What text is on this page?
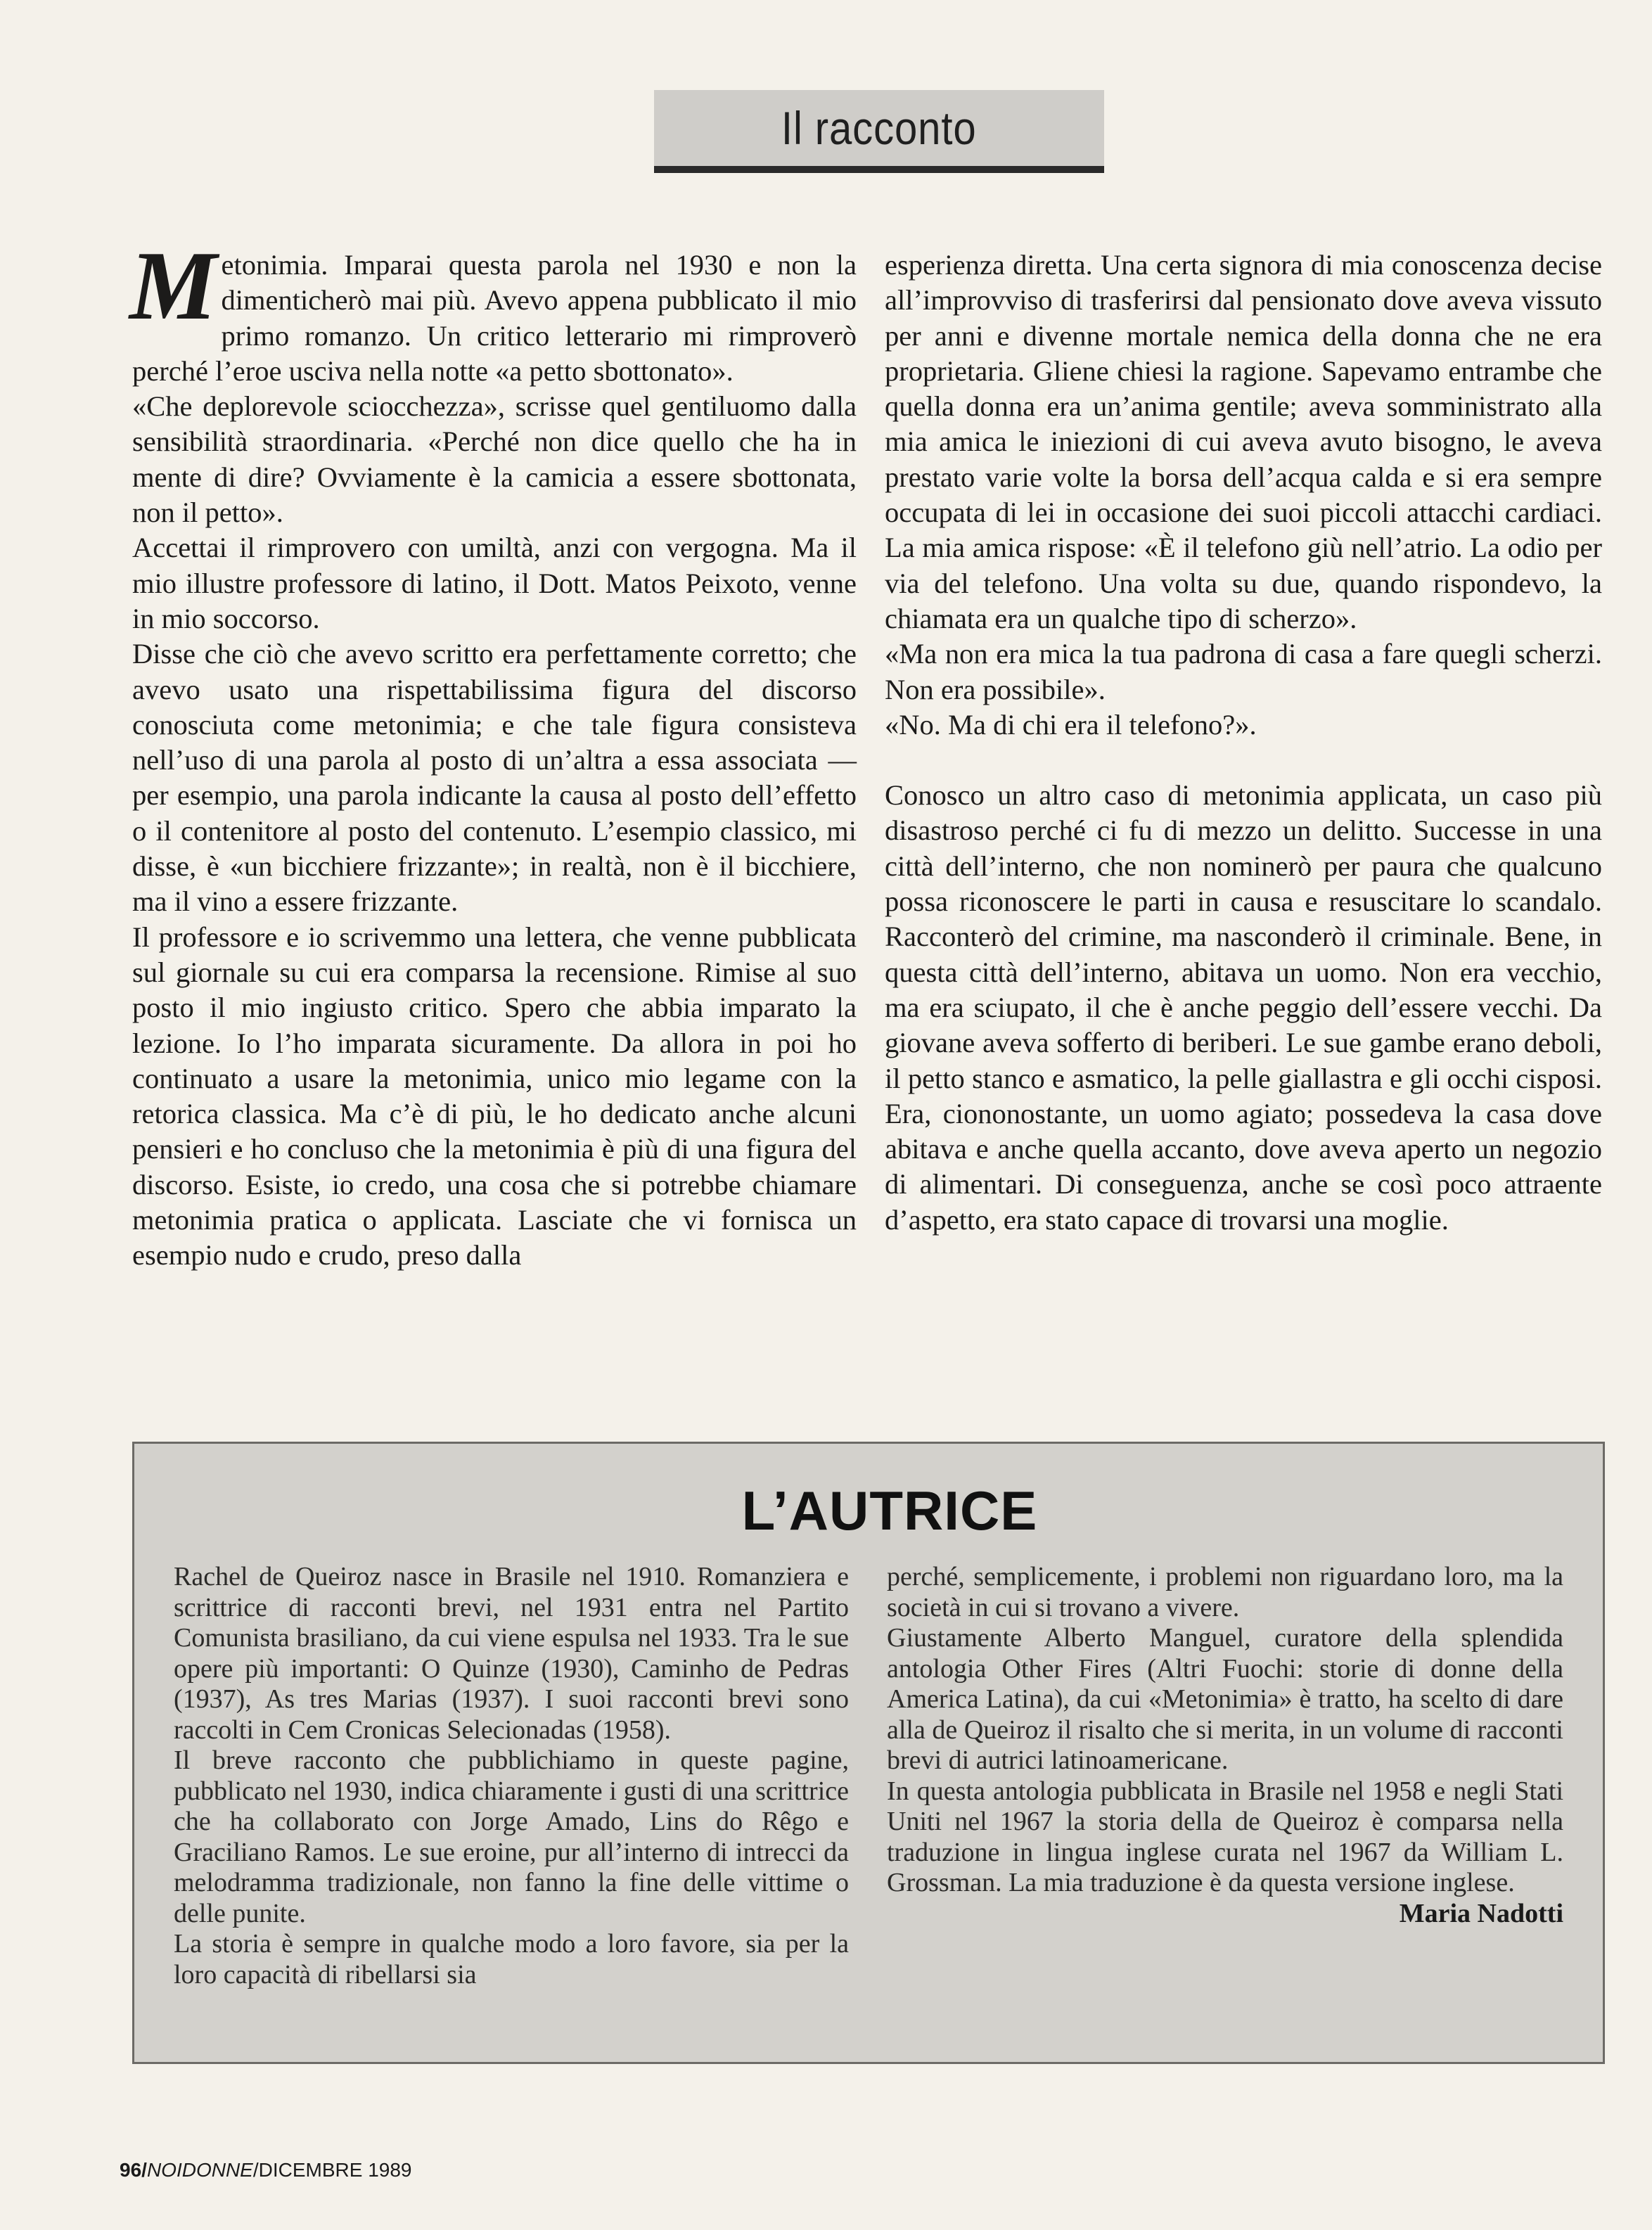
Il racconto

Metonimia. Imparai questa parola nel 1930 e non la dimenticherò mai più. Avevo appena pubblicato il mio primo romanzo. Un critico letterario mi rimproverò perché l’eroe usciva nella notte «a petto sbottonato».

«Che deplorevole sciocchezza», scrisse quel gentiluomo dalla sensibilità straordinaria. «Perché non dice quello che ha in mente di dire? Ovviamente è la camicia a essere sbottonata, non il petto».

Accettai il rimprovero con umiltà, anzi con vergogna. Ma il mio illustre professore di latino, il Dott. Matos Peixoto, venne in mio soccorso.

Disse che ciò che avevo scritto era perfettamente corretto; che avevo usato una rispettabilissima figura del discorso conosciuta come metonimia; e che tale figura consisteva nell’uso di una parola al posto di un’altra a essa associata — per esempio, una parola indicante la causa al posto dell’effetto o il contenitore al posto del contenuto. L’esempio classico, mi disse, è «un bicchiere frizzante»; in realtà, non è il bicchiere, ma il vino a essere frizzante.

Il professore e io scrivemmo una lettera, che venne pubblicata sul giornale su cui era comparsa la recensione. Rimise al suo posto il mio ingiusto critico. Spero che abbia imparato la lezione. Io l’ho imparata sicuramente. Da allora in poi ho continuato a usare la metonimia, unico mio legame con la retorica classica. Ma c’è di più, le ho dedicato anche alcuni pensieri e ho concluso che la metonimia è più di una figura del discorso. Esiste, io credo, una cosa che si potrebbe chiamare metonimia pratica o applicata. Lasciate che vi fornisca un esempio nudo e crudo, preso dalla

esperienza diretta. Una certa signora di mia conoscenza decise all’improvviso di trasferirsi dal pensionato dove aveva vissuto per anni e divenne mortale nemica della donna che ne era proprietaria. Gliene chiesi la ragione. Sapevamo entrambe che quella donna era un’anima gentile; aveva somministrato alla mia amica le iniezioni di cui aveva avuto bisogno, le aveva prestato varie volte la borsa dell’acqua calda e si era sempre occupata di lei in occasione dei suoi piccoli attacchi cardiaci. La mia amica rispose: «È il telefono giù nell’atrio. La odio per via del telefono. Una volta su due, quando rispondevo, la chiamata era un qualche tipo di scherzo».

«Ma non era mica la tua padrona di casa a fare quegli scherzi. Non era possibile».

«No. Ma di chi era il telefono?».

Conosco un altro caso di metonimia applicata, un caso più disastroso perché ci fu di mezzo un delitto. Successe in una città dell’interno, che non nominerò per paura che qualcuno possa riconoscere le parti in causa e resuscitare lo scandalo. Racconterò del crimine, ma nasconderò il criminale. Bene, in questa città dell’interno, abitava un uomo. Non era vecchio, ma era sciupato, il che è anche peggio dell’essere vecchi. Da giovane aveva sofferto di beriberi. Le sue gambe erano deboli, il petto stanco e asmatico, la pelle giallastra e gli occhi cisposi. Era, ciononostante, un uomo agiato; possedeva la casa dove abitava e anche quella accanto, dove aveva aperto un negozio di alimentari. Di conseguenza, anche se così poco attraente d’aspetto, era stato capace di trovarsi una moglie.

L’AUTRICE

Rachel de Queiroz nasce in Brasile nel 1910. Romanziera e scrittrice di racconti brevi, nel 1931 entra nel Partito Comunista brasiliano, da cui viene espulsa nel 1933. Tra le sue opere più importanti: O Quinze (1930), Caminho de Pedras (1937), As tres Marias (1937). I suoi racconti brevi sono raccolti in Cem Cronicas Selecionadas (1958).

Il breve racconto che pubblichiamo in queste pagine, pubblicato nel 1930, indica chiaramente i gusti di una scrittrice che ha collaborato con Jorge Amado, Lins do Rêgo e Graciliano Ramos. Le sue eroine, pur all’interno di intrecci da melodramma tradizionale, non fanno la fine delle vittime o delle punite.

La storia è sempre in qualche modo a loro favore, sia per la loro capacità di ribellarsi sia

perché, semplicemente, i problemi non riguardano loro, ma la società in cui si trovano a vivere.

Giustamente Alberto Manguel, curatore della splendida antologia Other Fires (Altri Fuochi: storie di donne della America Latina), da cui «Metonimia» è tratto, ha scelto di dare alla de Queiroz il risalto che si merita, in un volume di racconti brevi di autrici latinoamericane.

In questa antologia pubblicata in Brasile nel 1958 e negli Stati Uniti nel 1967 la storia della de Queiroz è comparsa nella traduzione in lingua inglese curata nel 1967 da William L. Grossman. La mia traduzione è da questa versione inglese.

Maria Nadotti

96/NOIDONNE/DICEMBRE 1989
